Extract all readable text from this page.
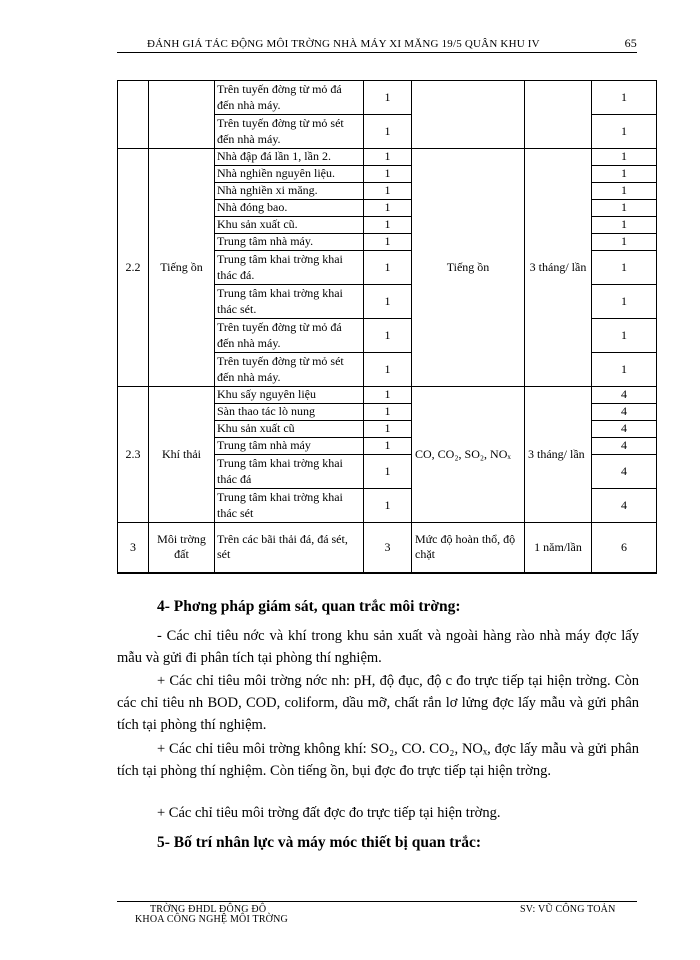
ĐÁNH GIÁ TÁC ĐỘNG MÔI TRỜNG NHÀ MÁY XI MĂNG 19/5 QUÂN KHU IV	65
		Trên tuyến đờng từ mỏ đá đến nhà máy.	1			1
		Trên tuyến đờng từ mỏ sét đến nhà máy.	1			1
2.2	Tiếng ồn	Nhà đập đá lần 1, lần 2.	1	Tiếng ồn	3 tháng/ lần	1
		Nhà nghiền nguyên liệu.	1			1
		Nhà nghiền xi măng.	1			1
		Nhà đóng bao.	1			1
		Khu sản xuất cũ.	1			1
		Trung tâm nhà máy.	1			1
		Trung tâm khai trờng khai thác đá.	1			1
		Trung tâm khai trờng khai thác sét.	1			1
		Trên tuyến đờng từ mỏ đá đến nhà máy.	1			1
		Trên tuyến đờng từ mỏ sét đến nhà máy.	1			1
2.3	Khí thải	Khu sấy nguyên liệu	1	CO, CO₂, SO₂, NOₓ	3 tháng/ lần	4
		Sàn thao tác lò nung	1			4
		Khu sản xuất cũ	1			4
		Trung tâm nhà máy	1			4
		Trung tâm khai trờng khai thác đá	1			4
		Trung tâm khai trờng khai thác sét	1			4
3	Môi trờng đất	Trên các bãi thải đá, đá sét, sét	3	Mức độ hoàn thổ, độ chặt	1 năm/lần	6
4- Phơng pháp giám sát, quan trắc môi trờng:
- Các chỉ tiêu nớc và khí trong khu sản xuất và ngoài hàng rào nhà máy đợc lấy mẫu và gửi đi phân tích tại phòng thí nghiệm.
+ Các chỉ tiêu môi trờng nớc nh: pH, độ đục, độ c đo trực tiếp tại hiện trờng. Còn các chỉ tiêu nh BOD, COD, coliform, dầu mỡ, chất rắn lơ lửng đợc lấy mẫu và gửi phân tích tại phòng thí nghiệm.
+ Các chỉ tiêu môi trờng không khí: SO₂, CO. CO₂, NOₓ, đợc lấy mẫu và gửi phân tích tại phòng thí nghiệm. Còn tiếng ồn, bụi đợc đo trực tiếp tại hiện trờng.
+ Các chỉ tiêu môi trờng đất đợc đo trực tiếp tại hiện trờng.
5- Bố trí nhân lực và máy móc thiết bị quan trắc:
TRỜNG ĐHDL ĐÔNG ĐÔ
KHOA CÔNG NGHỆ MÔI TRỜNG
SV: VŨ CÔNG TOẢN
